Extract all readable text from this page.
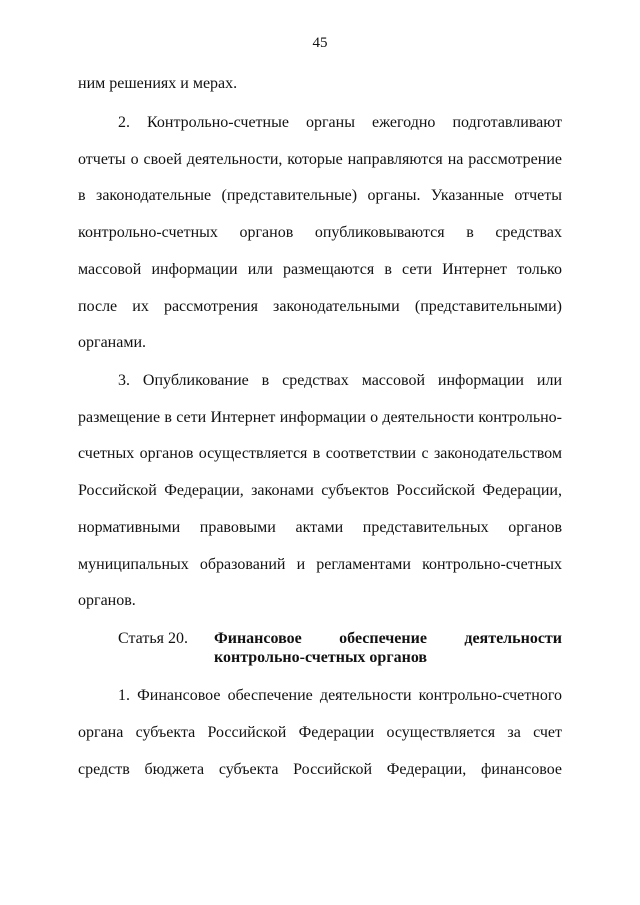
45
ним решениях и мерах.
2. Контрольно-счетные органы ежегодно подготавливают
отчеты о своей деятельности, которые направляются на рассмотрение
в законодательные (представительные) органы. Указанные отчеты
контрольно-счетных органов опубликовываются в средствах
массовой информации или размещаются в сети Интернет только
после их рассмотрения законодательными (представительными)
органами.
3. Опубликование в средствах массовой информации или
размещение в сети Интернет информации о деятельности контрольно-
счетных органов осуществляется в соответствии с законодательством
Российской Федерации, законами субъектов Российской Федерации,
нормативными правовыми актами представительных органов
муниципальных образований и регламентами контрольно-счетных
органов.
Статья 20. Финансовое обеспечение деятельности
контрольно-счетных органов
1. Финансовое обеспечение деятельности контрольно-счетного
органа субъекта Российской Федерации осуществляется за счет
средств бюджета субъекта Российской Федерации, финансовое
